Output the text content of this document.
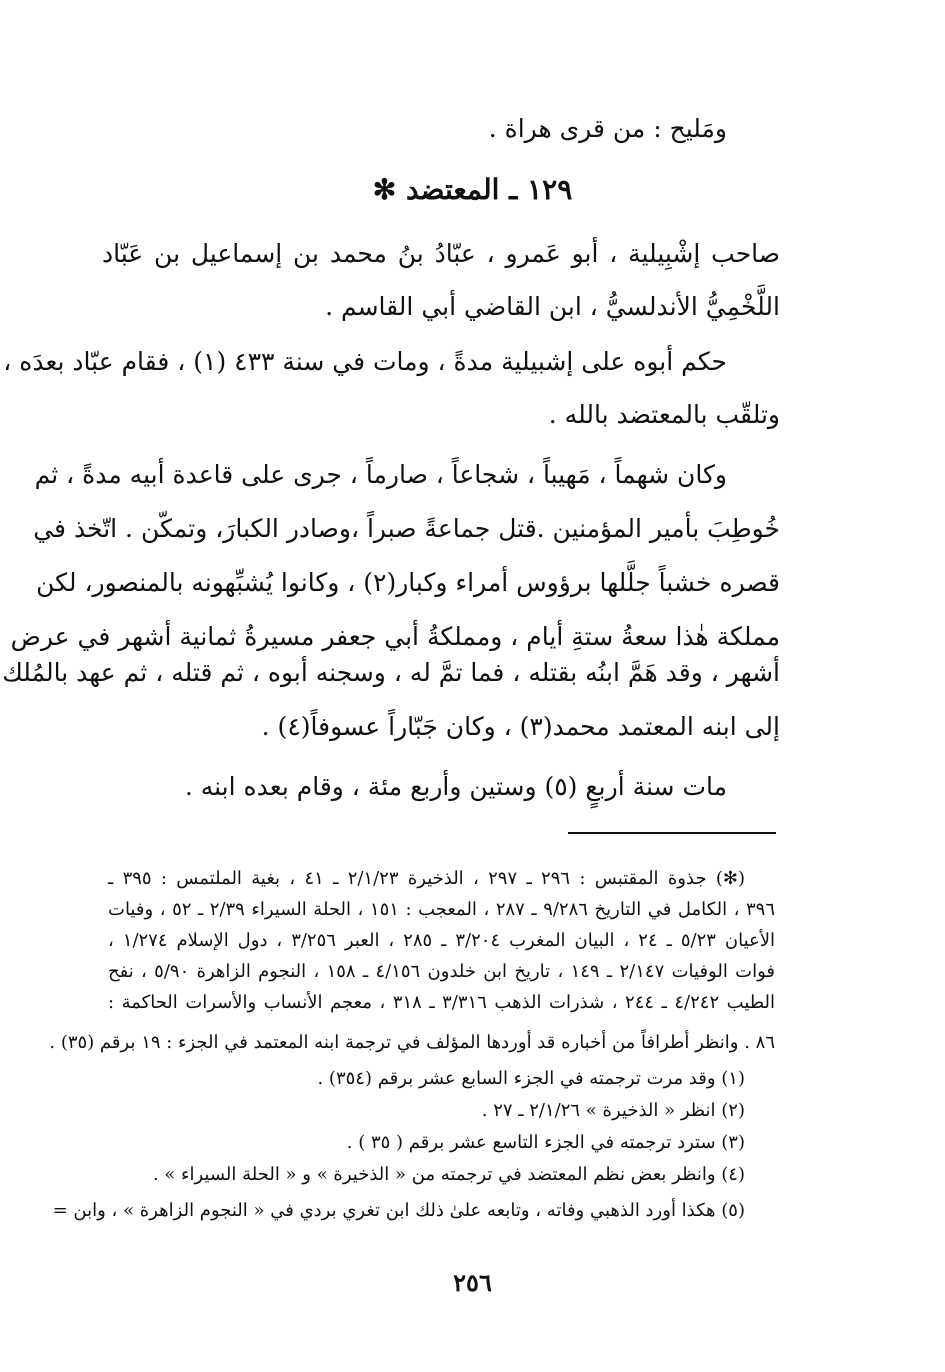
ومَليح : من قرى هراة .
١٢٩ ـ المعتضد ✻
صاحب إشْبِيلية ، أبو عَمرو ، عبّادُ بنُ محمد بن إسماعيل بن عَبّاد
اللَّخْمِيُّ الأندلسيُّ ، ابن القاضي أبي القاسم .
حكم أبوه على إشبيلية مدةً ، ومات في سنة ٤٣٣ (١) ، فقام عبّاد بعدَه ،
وتلقّب بالمعتضد بالله .
وكان شهماً ، مَهيباً ، شجاعاً ، صارماً ، جرى على قاعدة أبيه مدةً ، ثم
خُوطِبَ بأمير المؤمنين .قتل جماعةً صبراً ،وصادر الكبارَ، وتمكّن . اتّخذ في
قصره خشباً جلَّلها برؤوس أمراء وكبار(٢) ، وكانوا يُشبِّهونه بالمنصور، لكن
مملكة هٰذا سعةُ ستةِ أيام ، ومملكةُ أبي جعفر مسيرةُ ثمانية أشهر في عرض
أشهر ، وقد هَمَّ ابنُه بقتله ، فما تمَّ له ، وسجنه أبوه ، ثم قتله ، ثم عهد بالمُلك
إلى ابنه المعتمد محمد(٣) ، وكان جَبّاراً عسوفاً(٤) .
مات سنة أربعٍ (٥) وستين وأربع مئة ، وقام بعده ابنه .
(✻) جذوة المقتبس : ٢٩٦ ـ ٢٩٧ ، الذخيرة ٢/١/٢٣ ـ ٤١ ، بغية الملتمس : ٣٩٥ ـ
٣٩٦ ، الكامل في التاريخ ٩/٢٨٦ ـ ٢٨٧ ، المعجب : ١٥١ ، الحلة السيراء ٢/٣٩ ـ ٥٢ ، وفيات
الأعيان ٥/٢٣ ـ ٢٤ ، البيان المغرب ٣/٢٠٤ ـ ٢٨٥ ، العبر ٣/٢٥٦ ، دول الإسلام ١/٢٧٤ ،
فوات الوفيات ٢/١٤٧ ـ ١٤٩ ، تاريخ ابن خلدون ٤/١٥٦ ـ ١٥٨ ، النجوم الزاهرة ٥/٩٠ ، نفح
الطيب ٤/٢٤٢ ـ ٢٤٤ ، شذرات الذهب ٣/٣١٦ ـ ٣١٨ ، معجم الأنساب والأسرات الحاكمة :
٨٦ . وانظر أطرافاً من أخباره قد أوردها المؤلف في ترجمة ابنه المعتمد في الجزء : ١٩ برقم (٣٥) .
(١) وقد مرت ترجمته في الجزء السابع عشر برقم (٣٥٤) .
(٢) انظر « الذخيرة » ٢/١/٢٦ ـ ٢٧ .
(٣) سترد ترجمته في الجزء التاسع عشر برقم ( ٣٥ ) .
(٤) وانظر بعض نظم المعتضد في ترجمته من « الذخيرة » و « الحلة السيراء » .
(٥) هكذا أورد الذهبي وفاته ، وتابعه علىٰ ذلك ابن تغري بردي في « النجوم الزاهرة » ، وابن =
٢٥٦
